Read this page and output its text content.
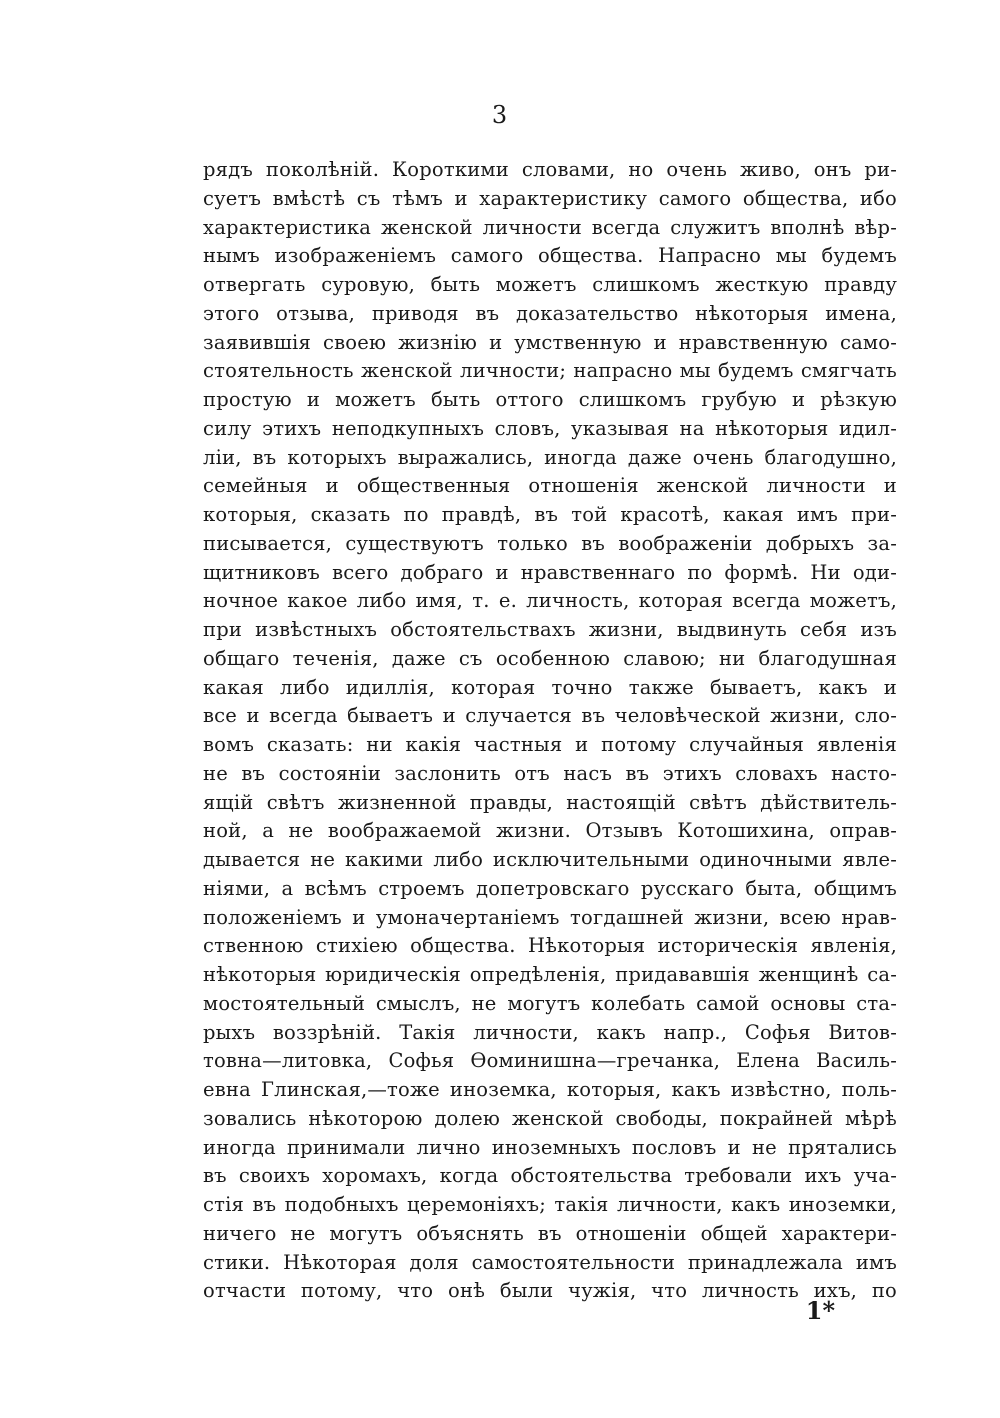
3
рядъ поколѣнiй. Короткими словами, но очень живо, онъ ри-
суетъ вмѣстѣ съ тѣмъ и характеристику самого общества, ибо
характеристика женской личности всегда служитъ вполнѣ вѣр-
нымъ изображенiемъ самого общества. Напрасно мы будемъ
отвергать суровую, быть можетъ слишкомъ жесткую правду
этого отзыва, приводя въ доказательство нѣкоторыя имена,
заявившiя своею жизнiю и умственную и нравственную само-
стоятельность женской личности; напрасно мы будемъ смягчать
простую и можетъ быть оттого слишкомъ грубую и рѣзкую
силу этихъ неподкупныхъ словъ, указывая на нѣкоторыя идил-
лiи, въ которыхъ выражались, иногда даже очень благодушно,
семейныя и общественныя отношенiя женской личности и
которыя, сказать по правдѣ, въ той красотѣ, какая имъ при-
писывается, существуютъ только въ воображенiи добрыхъ за-
щитниковъ всего добраго и нравственнаго по формѣ. Ни оди-
ночное какое либо имя, т. е. личность, которая всегда можетъ,
при извѣстныхъ обстоятельствахъ жизни, выдвинуть себя изъ
общаго теченiя, даже съ особенною славою; ни благодушная
какая либо идиллiя, которая точно также бываетъ, какъ и
все и всегда бываетъ и случается въ человѣческой жизни, сло-
вомъ сказать: ни какiя частныя и потому случайныя явленiя
не въ состоянiи заслонить отъ насъ въ этихъ словахъ насто-
ящiй свѣтъ жизненной правды, настоящiй свѣтъ дѣйствитель-
ной, а не воображаемой жизни. Отзывъ Котошихина, оправ-
дывается не какими либо исключительными одиночными явле-
нiями, а всѣмъ строемъ допетровскаго русскаго быта, общимъ
положенiемъ и умоначертанiемъ тогдашней жизни, всею нрав-
ственною стихiею общества. Нѣкоторыя историческiя явленiя,
нѣкоторыя юридическiя опредѣленiя, придававшiя женщинѣ са-
мостоятельный смыслъ, не могутъ колебать самой основы ста-
рыхъ воззрѣнiй. Такiя личности, какъ напр., Софья Витов-
товна—литовка, Софья Ѳоминишна—гречанка, Елена Василь-
евна Глинская,—тоже иноземка, которыя, какъ извѣстно, поль-
зовались нѣкоторою долею женской свободы, покрайней мѣрѣ
иногда принимали лично иноземныхъ пословъ и не прятались
въ своихъ хоромахъ, когда обстоятельства требовали ихъ уча-
стiя въ подобныхъ церемонiяхъ; такiя личности, какъ иноземки,
ничего не могутъ объяснять въ отношенiи общей характери-
стики. Нѣкоторая доля самостоятельности принадлежала имъ
отчасти потому, что онѣ были чужiя, что личность ихъ, по
1*
